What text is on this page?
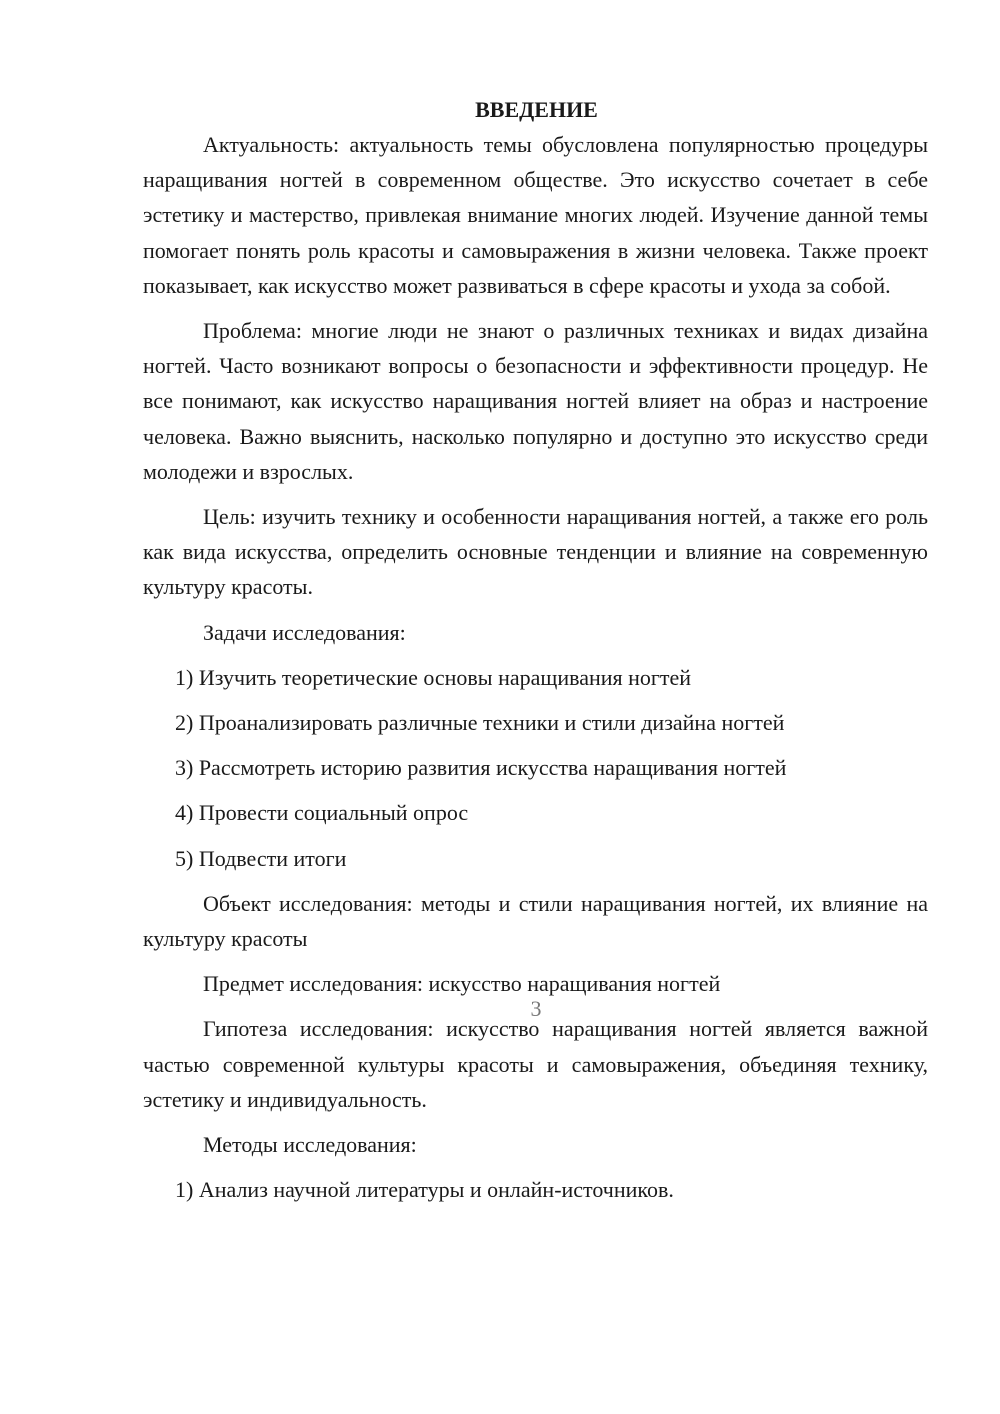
ВВЕДЕНИЕ

Актуальность: актуальность темы обусловлена популярностью процедуры наращивания ногтей в современном обществе. Это искусство сочетает в себе эстетику и мастерство, привлекая внимание многих людей. Изучение данной темы помогает понять роль красоты и самовыражения в жизни человека. Также проект показывает, как искусство может развиваться в сфере красоты и ухода за собой.

Проблема: многие люди не знают о различных техниках и видах дизайна ногтей. Часто возникают вопросы о безопасности и эффективности процедур. Не все понимают, как искусство наращивания ногтей влияет на образ и настроение человека. Важно выяснить, насколько популярно и доступно это искусство среди молодежи и взрослых.

Цель: изучить технику и особенности наращивания ногтей, а также его роль как вида искусства, определить основные тенденции и влияние на современную культуру красоты.

Задачи исследования:

1) Изучить теоретические основы наращивания ногтей

2) Проанализировать различные техники и стили дизайна ногтей

3) Рассмотреть историю развития искусства наращивания ногтей

4) Провести социальный опрос

5) Подвести итоги

Объект исследования: методы и стили наращивания ногтей, их влияние на культуру красоты

Предмет исследования: искусство наращивания ногтей

Гипотеза исследования: искусство наращивания ногтей является важной частью современной культуры красоты и самовыражения, объединяя технику, эстетику и индивидуальность.

Методы исследования:

1) Анализ научной литературы и онлайн-источников.

3
